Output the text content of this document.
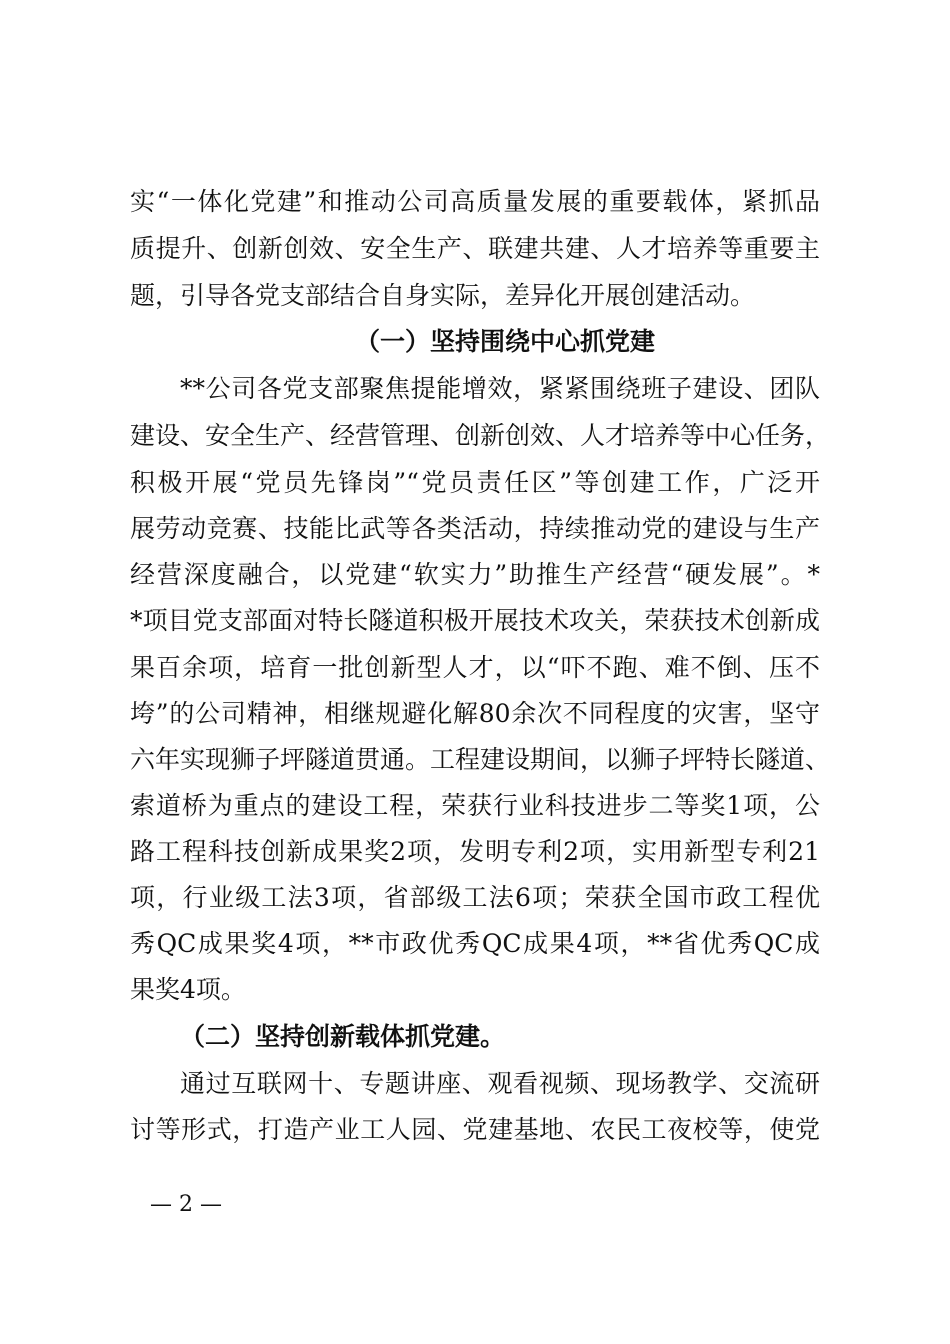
实“一体化党建”和推动公司高质量发展的重要载体，紧抓品
质提升、创新创效、安全生产、联建共建、人才培养等重要主
题，引导各党支部结合自身实际，差异化开展创建活动。
（一）坚持围绕中心抓党建
**公司各党支部聚焦提能增效，紧紧围绕班子建设、团队
建设、安全生产、经营管理、创新创效、人才培养等中心任务，
积极开展“党员先锋岗”“党员责任区”等创建工作，广泛开
展劳动竞赛、技能比武等各类活动，持续推动党的建设与生产
经营深度融合，以党建“软实力”助推生产经营“硬发展”。*
*项目党支部面对特长隧道积极开展技术攻关，荣获技术创新成
果百余项，培育一批创新型人才，以“吓不跑、难不倒、压不
垮”的公司精神，相继规避化解80余次不同程度的灾害，坚守
六年实现狮子坪隧道贯通。工程建设期间，以狮子坪特长隧道、
索道桥为重点的建设工程，荣获行业科技进步二等奖1项，公
路工程科技创新成果奖2项，发明专利2项，实用新型专利21
项，行业级工法3项，省部级工法6项；荣获全国市政工程优
秀QC成果奖4项，**市政优秀QC成果4项，**省优秀QC成
果奖4项。
（二）坚持创新载体抓党建。
通过互联网十、专题讲座、观看视频、现场教学、交流研
讨等形式，打造产业工人园、党建基地、农民工夜校等，使党
— 2 —
